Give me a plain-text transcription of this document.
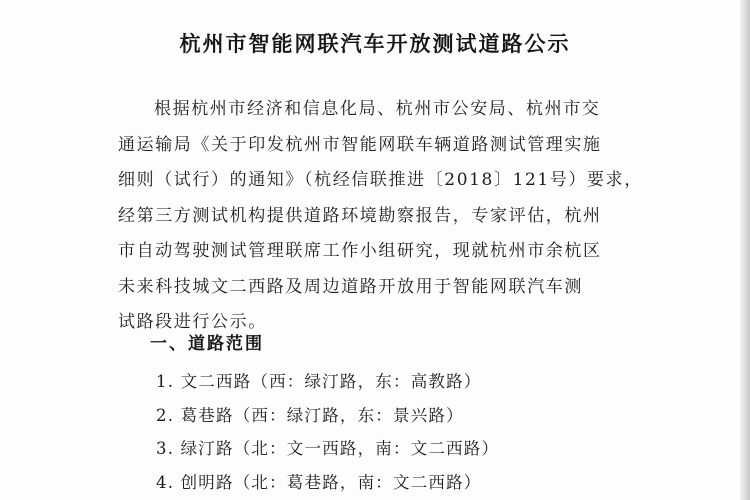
杭州市智能网联汽车开放测试道路公示
根据杭州市经济和信息化局、杭州市公安局、杭州市交
通运输局《关于印发杭州市智能网联车辆道路测试管理实施
细则（试行）的通知》（杭经信联推进〔2018〕121号）要求，
经第三方测试机构提供道路环境勘察报告，专家评估，杭州
市自动驾驶测试管理联席工作小组研究，现就杭州市余杭区
未来科技城文二西路及周边道路开放用于智能网联汽车测
试路段进行公示。
一、道路范围
1. 文二西路（西：绿汀路，东：高教路）
2. 葛巷路（西：绿汀路，东：景兴路）
3. 绿汀路（北：文一西路，南：文二西路）
4. 创明路（北：葛巷路，南：文二西路）
